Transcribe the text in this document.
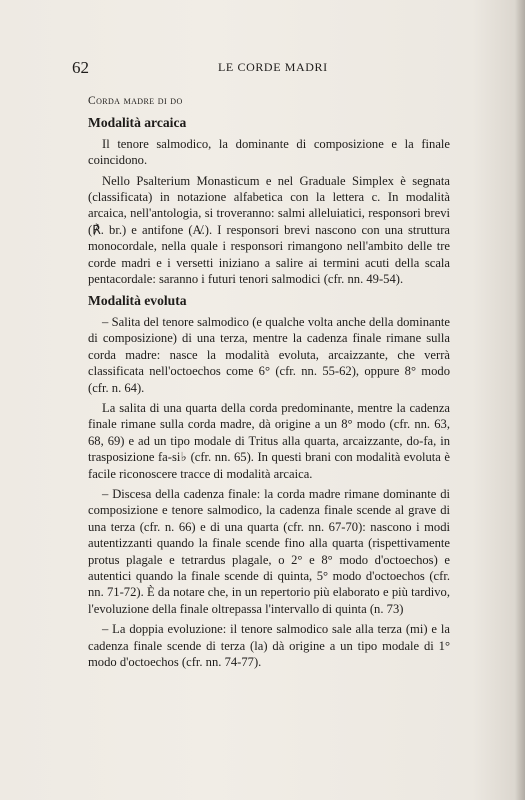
62	LE CORDE MADRI
Corda madre di do
Modalità arcaica

Il tenore salmodico, la dominante di composizione e la finale coincidono.

Nello Psalterium Monasticum e nel Graduale Simplex è segnata (classificata) in notazione alfabetica con la lettera c. In modalità arcaica, nell'antologia, si troveranno: salmi alleluiatici, responsori brevi (℟. br.) e antifone (A̸.). I responsori brevi nascono con una struttura monocordale, nella quale i responsori rimangono nell'ambito delle tre corde madri e i versetti iniziano a salire ai termini acuti della scala pentacordale: saranno i futuri tenori salmodici (cfr. nn. 49-54).

Modalità evoluta

– Salita del tenore salmodico (e qualche volta anche della dominante di composizione) di una terza, mentre la cadenza finale rimane sulla corda madre: nasce la modalità evoluta, arcaizzante, che verrà classificata nell'octoechos come 6° (cfr. nn. 55-62), oppure 8° modo (cfr. n. 64).

La salita di una quarta della corda predominante, mentre la cadenza finale rimane sulla corda madre, dà origine a un 8° modo (cfr. nn. 63, 68, 69) e ad un tipo modale di Tritus alla quarta, arcaizzante, do-fa, in trasposizione fa-si♭ (cfr. nn. 65). In questi brani con modalità evoluta è facile riconoscere tracce di modalità arcaica.

– Discesa della cadenza finale: la corda madre rimane dominante di composizione e tenore salmodico, la cadenza finale scende al grave di una terza (cfr. n. 66) e di una quarta (cfr. nn. 67-70): nascono i modi autentizzanti quando la finale scende fino alla quarta (rispettivamente protus plagale e tetrardus plagale, o 2° e 8° modo d'octoechos) e autentici quando la finale scende di quinta, 5° modo d'octoechos (cfr. nn. 71-72). È da notare che, in un repertorio più elaborato e più tardivo, l'evoluzione della finale oltrepassa l'intervallo di quinta (n. 73)

– La doppia evoluzione: il tenore salmodico sale alla terza (mi) e la cadenza finale scende di terza (la) dà origine a un tipo modale di 1° modo d'octoechos (cfr. nn. 74-77).
